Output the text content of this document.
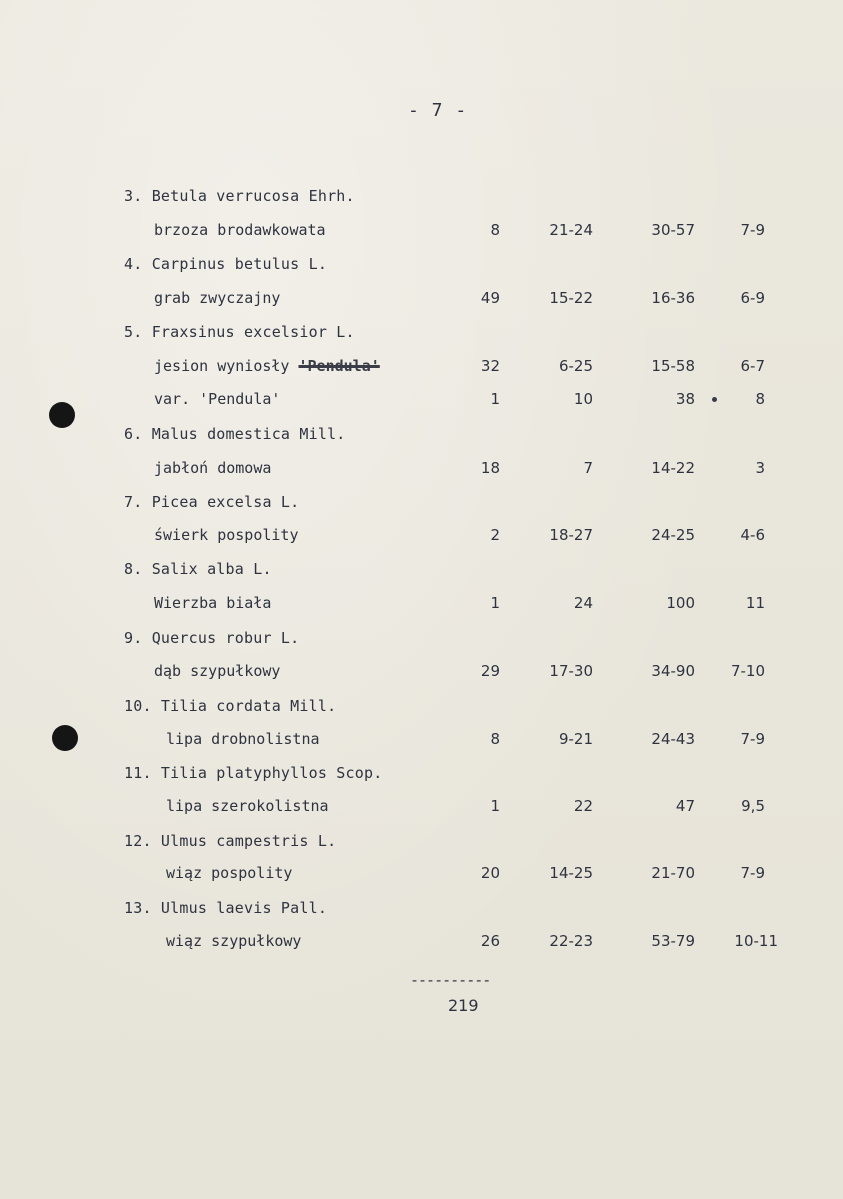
- 7 -
3. Betula verrucosa Ehrh.
brzoza brodawkowata	8	21-24	30-57	7-9
4. Carpinus betulus L.
grab zwyczajny	49	15-22	16-36	6-9
5. Fraxsinus excelsior L.
jesion wyniosły 'Pendula'	32	6-25	15-58	6-7
var. 'Pendula'	1	10	38	8
6. Malus domestica Mill.
jabłoń domowa	18	7	14-22	3
7. Picea excelsa L.
świerk pospolity	2	18-27	24-25	4-6
8. Salix alba L.
Wierzba biała	1	24	100	11
9. Quercus robur L.
dąb szypułkowy	29	17-30	34-90	7-10
10. Tilia cordata Mill.
lipa drobnolistna	8	9-21	24-43	7-9
11. Tilia platyphyllos Scop.
lipa szerokolistna	1	22	47	9,5
12. Ulmus campestris L.
wiąz pospolity	20	14-25	21-70	7-9
13. Ulmus laevis Pall.
wiąz szypułkowy	26	22-23	53-79	10-11
----------
219
